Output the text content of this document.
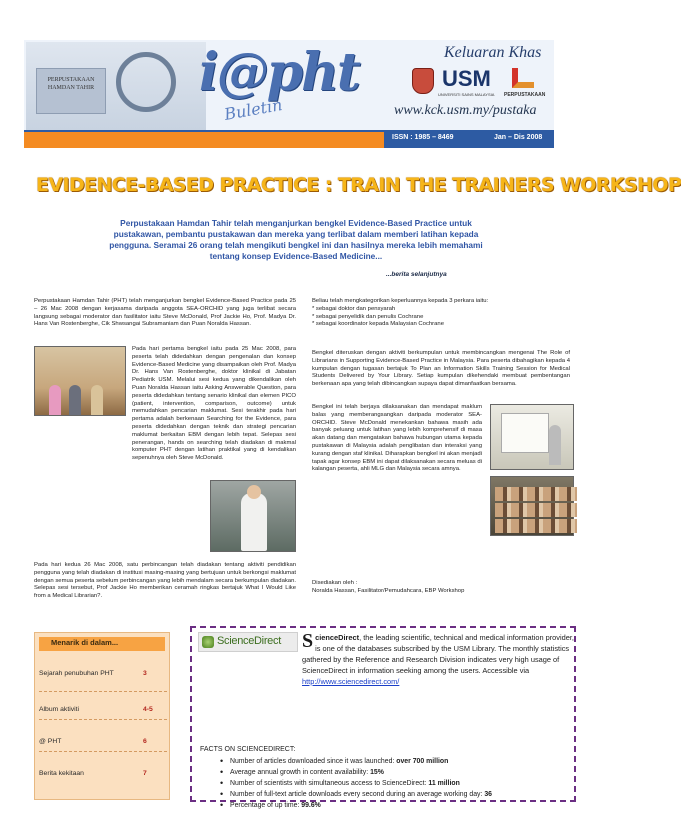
PERPUSTAKAAN HAMDAN TAHIR i@pht
Buletin
Keluaran Khas
USM
UNIVERSITI SAINS MALAYSIA PERPUSTAKAAN
www.kck.usm.my/pustaka
ISSN : 1985 – 8469	Jan – Dis 2008
EVIDENCE-BASED PRACTICE : TRAIN THE TRAINERS WORKSHOP
Perpustakaan Hamdan Tahir telah menganjurkan bengkel Evidence-Based Practice untuk pustakawan, pembantu pustakawan dan mereka yang terlibat dalam memberi latihan kepada pengguna. Seramai 26 orang telah mengikuti bengkel ini dan hasilnya mereka lebih memahami tentang konsep Evidence-Based Medicine...
...berita selanjutnya
Perpustakaan Hamdan Tahir (PHT) telah menganjurkan bengkel Evidence-Based Practice pada 25 – 26 Mac 2008 dengan kerjasama daripada anggota SEA-ORCHID yang juga terlibat secara langsung sebagai moderator dan fasilitator iaitu Steve McDonald, Prof Jackie Ho, Prof. Madya Dr. Hans Van Rostenberghe, Cik Shwsangai Subramaniam dan Puan Noralda Hassan.
Pada hari pertama bengkel iaitu pada 25 Mac 2008, para peserta telah didedahkan dengan pengenalan dan konsep Evidence-Based Medicine yang disampaikan oleh Prof. Madya Dr. Hans Van Rostenberghe, doktor klinikal di Jabatan Pediatrik USM. Melalui sesi kedua yang dikendalikan oleh Puan Noralda Hassan iaitu Asking Answerable Question, para peserta didedahkan tentang senario klinikal dan elemen PICO (patient, intervention, comparison, outcome) untuk memudahkan pencarian maklumat. Sesi terakhir pada hari pertama adalah berkenaan Searching for the Evidence, para peserta didedahkan dengan teknik dan strategi pencarian maklumat berkaitan EBM dengan lebih tepat. Selepas sesi penerangan, hands on searching telah diadakan di makmal komputer PHT dengan latihan praktikal yang di kendalikan sepenuhnya oleh Steve McDonald.
Pada hari kedua 26 Mac 2008, satu perbincangan telah diadakan tentang aktiviti pendidikan pengguna yang telah diadakan di institusi masing-masing yang bertujuan untuk berkongsi maklumat dengan semua peserta sebelum perbincangan yang lebih mendalam secara berkumpulan diadakan. Selepas sesi tersebut, Prof Jackie Ho memberikan ceramah ringkas bertajuk What I Would Like from a Medical Librarian?.
Beliau telah mengkategorikan keperluannya kepada 3 perkara iaitu:
* sebagai doktor dan pensyarah
* sebagai penyelidik dan penulis Cochrane
* sebagai koordinator kepada Malaysian Cochrane
Bengkel diteruskan dengan aktiviti berkumpulan untuk membincangkan mengenai The Role of Librarians in Supporting Evidence-Based Practice in Malaysia. Para peserta dibahagikan kepada 4 kumpulan dengan tugasan bertajuk To Plan an Information Skills Training Session for Medical Students Delivered by Your Library. Setiap kumpulan dikehendaki membuat pembentangan berkenaan apa yang telah dibincangkan supaya dapat dimanfaatkan bersama.
Bengkel ini telah berjaya dilaksanakan dan mendapat maklum balas yang memberangsangkan daripada moderator SEA-ORCHID. Steve McDonald menekankan bahawa masih ada banyak peluang untuk latihan yang lebih komprehensif di masa akan datang dan mengatakan bahawa hubungan utama kepada pustakawan di Malaysia adalah penglibatan dan interaksi yang kurang dengan staf klinikal. Diharapkan bengkel ini akan menjadi tapak agar konsep EBM ini dapat dilaksanakan secara meluas di kalangan peserta, ahli MLG dan Malaysia secara amnya.
Disediakan oleh :
Noralda Hassan, Fasilitator/Pemudahcara, EBP Workshop
Menarik di dalam...
Sejarah penubuhan PHT	3
Album aktiviti	4-5
@ PHT	6
Berita kekitaan	7
ScienceDirect ScienceDirect, the leading scientific, technical and medical information provider, is one of the databases subscribed by the USM Library. The monthly statistics gathered by the Reference and Research Division indicates very high usage of ScienceDirect in information seeking among the users. Accessible via http://www.sciencedirect.com/
FACTS ON SCIENCEDIRECT:
• Number of articles downloaded since it was launched: over 700 million
• Average annual growth in content availability: 15%
• Number of scientists with simultaneous access to ScienceDirect: 11 million
• Number of full-text article downloads every second during an average working day: 36
• Percentage of up time: 99.6%
